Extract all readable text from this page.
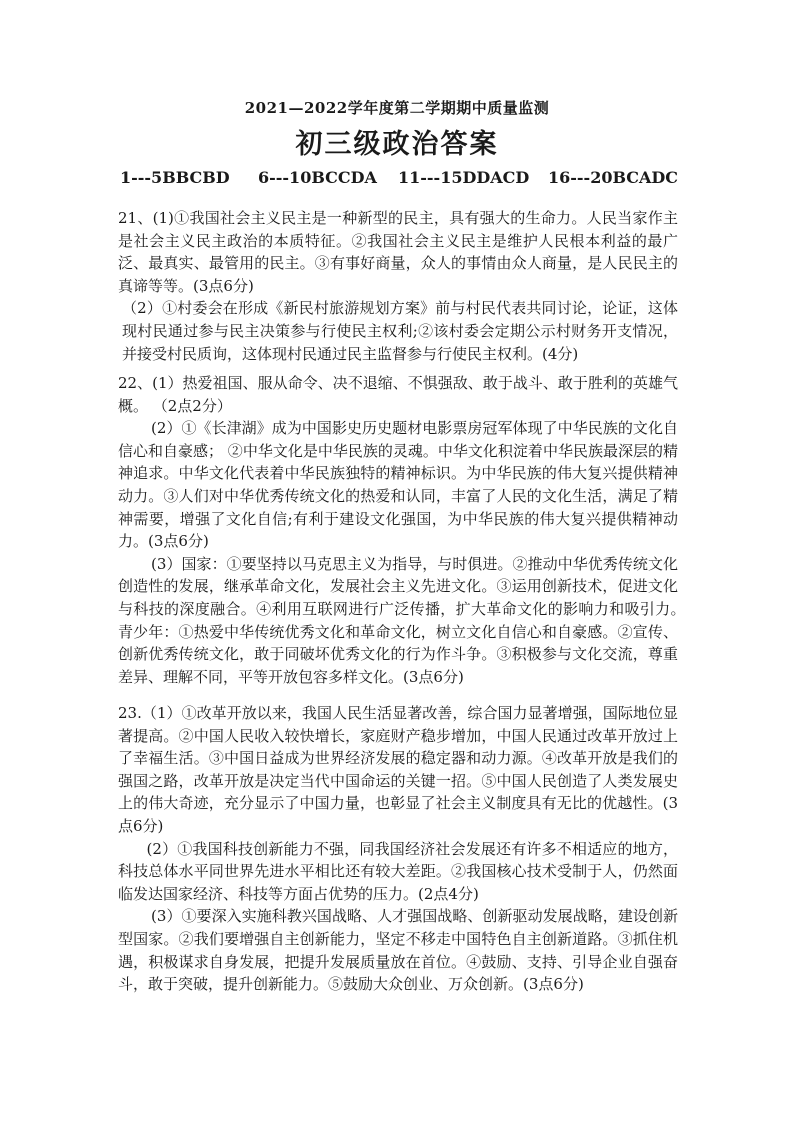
2021—2022学年度第二学期期中质量监测
初三级政治答案
1---5BBCBD 6---10BCCDA 11---15DDACD 16---20BCADC

21、(1)①我国社会主义民主是一种新型的民主，具有强大的生命力。人民当家作主是社会主义民主政治的本质特征。②我国社会主义民主是维护人民根本利益的最广泛、最真实、最管用的民主。③有事好商量，众人的事情由众人商量，是人民民主的真谛等等。(3点6分)

（2）①村委会在形成《新民村旅游规划方案》前与村民代表共同讨论，论证，这体现村民通过参与民主决策参与行使民主权利;②该村委会定期公示村财务开支情况，并接受村民质询，这体现村民通过民主监督参与行使民主权利。(4分)

22、(1）热爱祖国、服从命令、决不退缩、不惧强敌、敢于战斗、敢于胜利的英雄气概。 （2点2分）

(2）①《长津湖》成为中国影史历史题材电影票房冠军体现了中华民族的文化自信心和自豪感； ②中华文化是中华民族的灵魂。中华文化积淀着中华民族最深层的精神追求。中华文化代表着中华民族独特的精神标识。为中华民族的伟大复兴提供精神动力。③人们对中华优秀传统文化的热爱和认同，丰富了人民的文化生活，满足了精神需要，增强了文化自信;有利于建设文化强国，为中华民族的伟大复兴提供精神动力。(3点6分)

(3）国家：①要坚持以马克思主义为指导，与时俱进。②推动中华优秀传统文化创造性的发展，继承革命文化，发展社会主义先进文化。③运用创新技术，促进文化与科技的深度融合。④利用互联网进行广泛传播，扩大革命文化的影响力和吸引力。　　　　　青少年：①热爱中华传统优秀文化和革命文化，树立文化自信心和自豪感。②宣传、创新优秀传统文化，敢于同破坏优秀文化的行为作斗争。③积极参与文化交流，尊重差异、理解不同，平等开放包容多样文化。(3点6分)

23.（1）①改革开放以来，我国人民生活显著改善，综合国力显著增强，国际地位显著提高。②中国人民收入较快增长，家庭财产稳步增加，中国人民通过改革开放过上了幸福生活。③中国日益成为世界经济发展的稳定器和动力源。④改革开放是我们的强国之路，改革开放是决定当代中国命运的关键一招。⑤中国人民创造了人类发展史上的伟大奇迹，充分显示了中国力量，也彰显了社会主义制度具有无比的优越性。(3点6分)

(2）①我国科技创新能力不强，同我国经济社会发展还有许多不相适应的地方，科技总体水平同世界先进水平相比还有较大差距。②我国核心技术受制于人，仍然面临发达国家经济、科技等方面占优势的压力。(2点4分)

(3）①要深入实施科教兴国战略、人才强国战略、创新驱动发展战略，建设创新型国家。②我们要增强自主创新能力，坚定不移走中国特色自主创新道路。③抓住机遇，积极谋求自身发展，把提升发展质量放在首位。④鼓励、支持、引导企业自强奋斗，敢于突破，提升创新能力。⑤鼓励大众创业、万众创新。(3点6分)
